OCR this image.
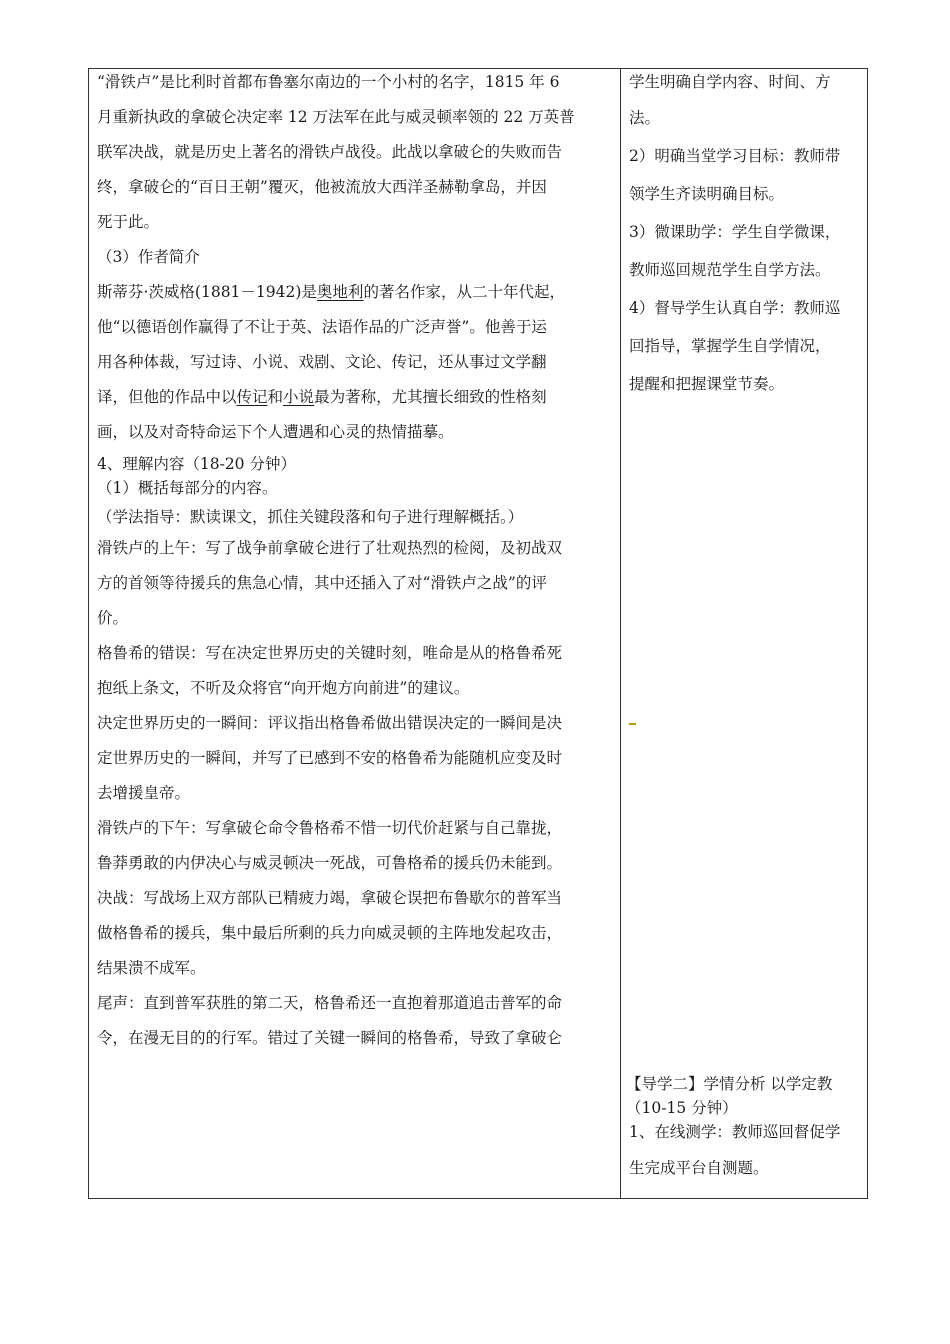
“滑铁卢”是比利时首都布鲁塞尔南边的一个小村的名字，1815 年 6

月重新执政的拿破仑决定率 12 万法军在此与威灵顿率领的 22 万英普

联军决战，就是历史上著名的滑铁卢战役。此战以拿破仑的失败而告

终，拿破仑的“百日王朝”覆灭，他被流放大西洋圣赫勒拿岛，并因

死于此。

（3）作者简介

斯蒂芬·茨威格(1881－1942)是奥地利的著名作家，从二十年代起，

他“以德语创作赢得了不让于英、法语作品的广泛声誉”。他善于运

用各种体裁，写过诗、小说、戏剧、文论、传记，还从事过文学翻

译，但他的作品中以传记和小说最为著称，尤其擅长细致的性格刻

画，以及对奇特命运下个人遭遇和心灵的热情描摹。

4、理解内容（18-20 分钟）

（1）概括每部分的内容。

（学法指导：默读课文，抓住关键段落和句子进行理解概括。）

滑铁卢的上午：写了战争前拿破仑进行了壮观热烈的检阅，及初战双

方的首领等待援兵的焦急心情，其中还插入了对“滑铁卢之战”的评

价。

格鲁希的错误：写在决定世界历史的关键时刻，唯命是从的格鲁希死

抱纸上条文，不听及众将官“向开炮方向前进”的建议。

决定世界历史的一瞬间：评议指出格鲁希做出错误决定的一瞬间是决

定世界历史的一瞬间，并写了已感到不安的格鲁希为能随机应变及时

去增援皇帝。

滑铁卢的下午：写拿破仑命令鲁格希不惜一切代价赶紧与自己靠拢，

鲁莽勇敢的内伊决心与威灵顿决一死战，可鲁格希的援兵仍未能到。

决战：写战场上双方部队已精疲力竭，拿破仑误把布鲁歇尔的普军当

做格鲁希的援兵，集中最后所剩的兵力向威灵顿的主阵地发起攻击，

结果溃不成军。

尾声：直到普军获胜的第二天，格鲁希还一直抱着那道追击普军的命

令，在漫无目的的行军。错过了关键一瞬间的格鲁希，导致了拿破仑

学生明确自学内容、时间、方

法。

2）明确当堂学习目标：教师带

领学生齐读明确目标。

3）微课助学：学生自学微课，

教师巡回规范学生自学方法。

4）督导学生认真自学：教师巡

回指导，掌握学生自学情况，

提醒和把握课堂节奏。

【导学二】学情分析 以学定教

（10-15 分钟）

1、在线测学：教师巡回督促学

生完成平台自测题。
